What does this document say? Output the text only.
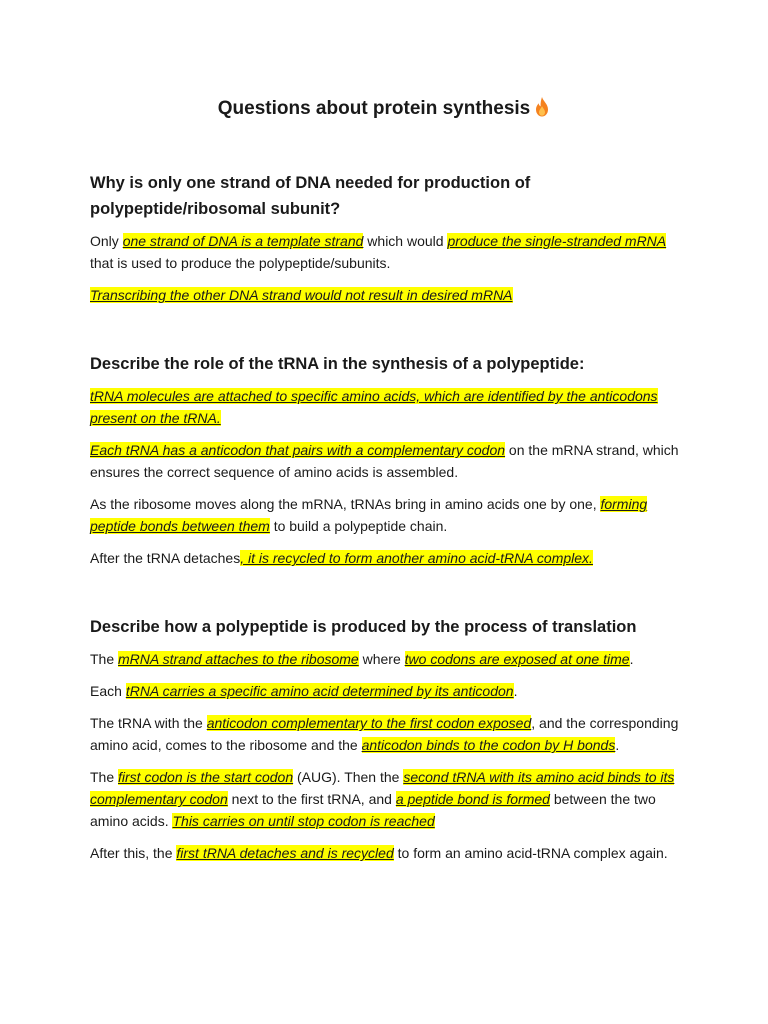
Questions about protein synthesis
Why is only one strand of DNA needed for production of polypeptide/ribosomal subunit?

Only one strand of DNA is a template strand which would produce the single-stranded mRNA that is used to produce the polypeptide/subunits.

Transcribing the other DNA strand would not result in desired mRNA

Describe the role of the tRNA in the synthesis of a polypeptide:

tRNA molecules are attached to specific amino acids, which are identified by the anticodons present on the tRNA.

Each tRNA has a anticodon that pairs with a complementary codon on the mRNA strand, which ensures the correct sequence of amino acids is assembled.

As the ribosome moves along the mRNA, tRNAs bring in amino acids one by one, forming peptide bonds between them to build a polypeptide chain.

After the tRNA detaches, it is recycled to form another amino acid-tRNA complex.

Describe how a polypeptide is produced by the process of translation

The mRNA strand attaches to the ribosome where two codons are exposed at one time.

Each tRNA carries a specific amino acid determined by its anticodon.

The tRNA with the anticodon complementary to the first codon exposed, and the corresponding amino acid, comes to the ribosome and the anticodon binds to the codon by H bonds.

The first codon is the start codon (AUG). Then the second tRNA with its amino acid binds to its complementary codon next to the first tRNA, and a peptide bond is formed between the two amino acids. This carries on until stop codon is reached

After this, the first tRNA detaches and is recycled to form an amino acid-tRNA complex again.
